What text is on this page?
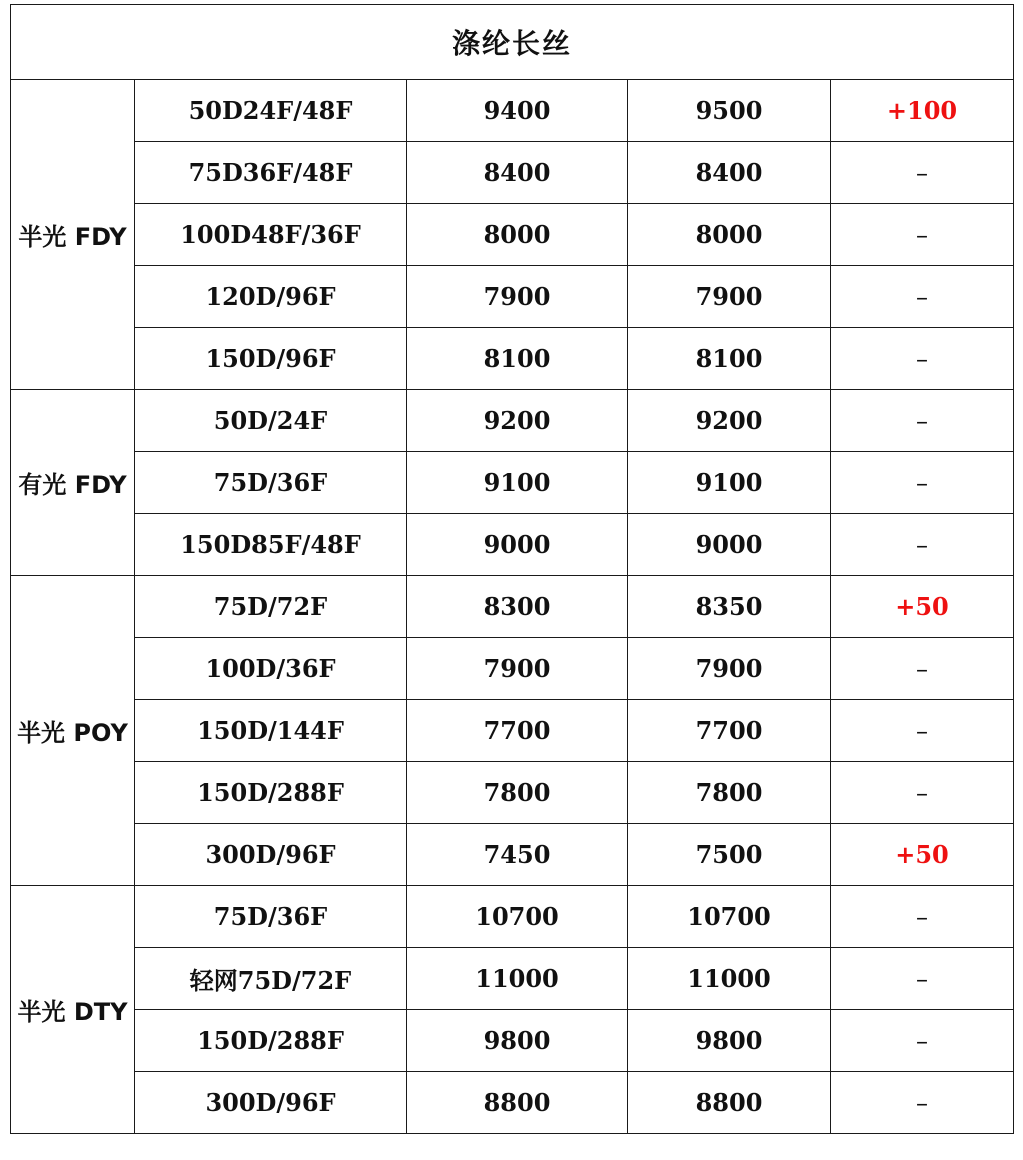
涤纶长丝				
半光 FDY	50D24F/48F	9400	9500	+100
	75D36F/48F	8400	8400	–
	100D48F/36F	8000	8000	–
	120D/96F	7900	7900	–
	150D/96F	8100	8100	–
有光 FDY	50D/24F	9200	9200	–
	75D/36F	9100	9100	–
	150D85F/48F	9000	9000	–
半光 POY	75D/72F	8300	8350	+50
	100D/36F	7900	7900	–
	150D/144F	7700	7700	–
	150D/288F	7800	7800	–
	300D/96F	7450	7500	+50
半光 DTY	75D/36F	10700	10700	–
	轻网75D/72F	11000	11000	–
	150D/288F	9800	9800	–
	300D/96F	8800	8800	–
